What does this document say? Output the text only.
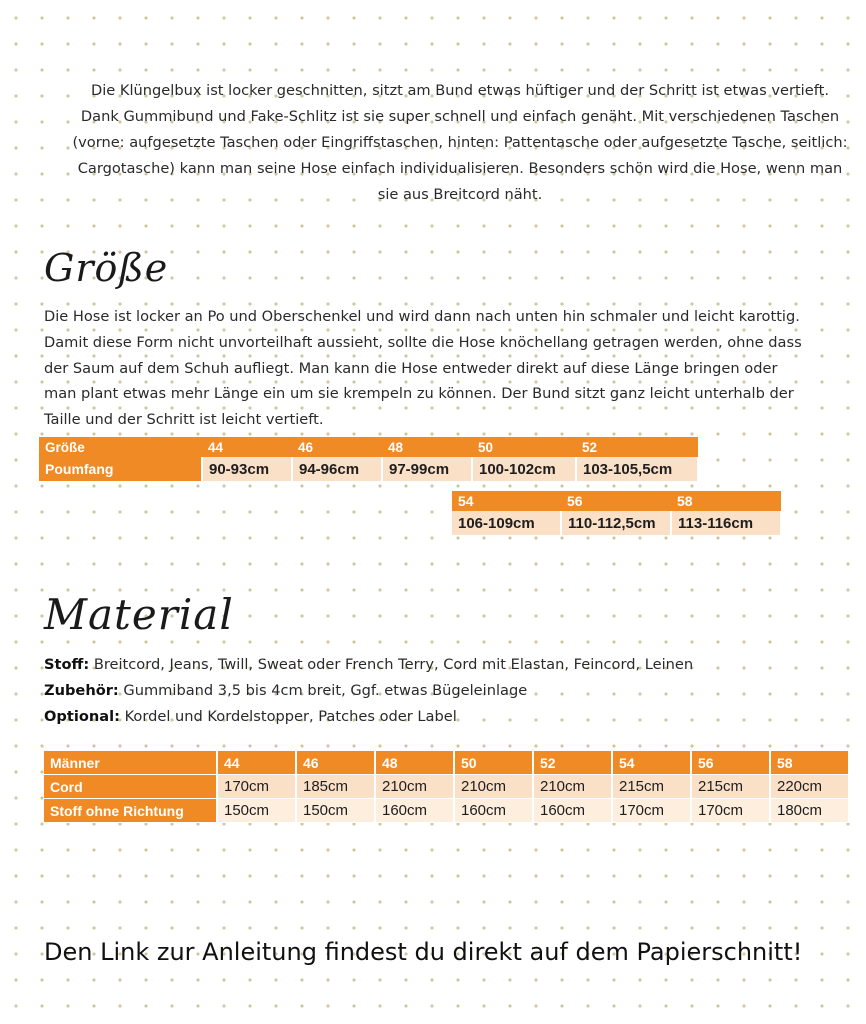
Die Klüngelbux ist locker geschnitten, sitzt am Bund etwas hüftiger und der Schritt ist etwas vertieft. Dank Gummibund und Fake-Schlitz ist sie super schnell und einfach genäht. Mit verschiedenen Taschen (vorne: aufgesetzte Taschen oder Eingriffstaschen, hinten: Pattentasche oder aufgesetzte Tasche, seitlich: Cargotasche) kann man seine Hose einfach individualisieren. Besonders schön wird die Hose, wenn man sie aus Breitcord näht.
Größe
Die Hose ist locker an Po und Oberschenkel und wird dann nach unten hin schmaler und leicht karottig. Damit diese Form nicht unvorteilhaft aussieht, sollte die Hose knöchellang getragen werden, ohne dass der Saum auf dem Schuh aufliegt. Man kann die Hose entweder direkt auf diese Länge bringen oder man plant etwas mehr Länge ein um sie krempeln zu können. Der Bund sitzt ganz leicht unterhalb der Taille und der Schritt ist leicht vertieft.
Größe	44	46	48	50	52
Poumfang	90-93cm	94-96cm	97-99cm	100-102cm	103-105,5cm
54	56	58
106-109cm	110-112,5cm	113-116cm
Material
Stoff: Breitcord, Jeans, Twill, Sweat oder French Terry, Cord mit Elastan, Feincord, Leinen
Zubehör: Gummiband 3,5 bis 4cm breit, Ggf. etwas Bügeleinlage
Optional: Kordel und Kordelstopper, Patches oder Label
Männer	44	46	48	50	52	54	56	58
Cord	170cm	185cm	210cm	210cm	210cm	215cm	215cm	220cm
Stoff ohne Richtung	150cm	150cm	160cm	160cm	160cm	170cm	170cm	180cm
Den Link zur Anleitung findest du direkt auf dem Papierschnitt!
